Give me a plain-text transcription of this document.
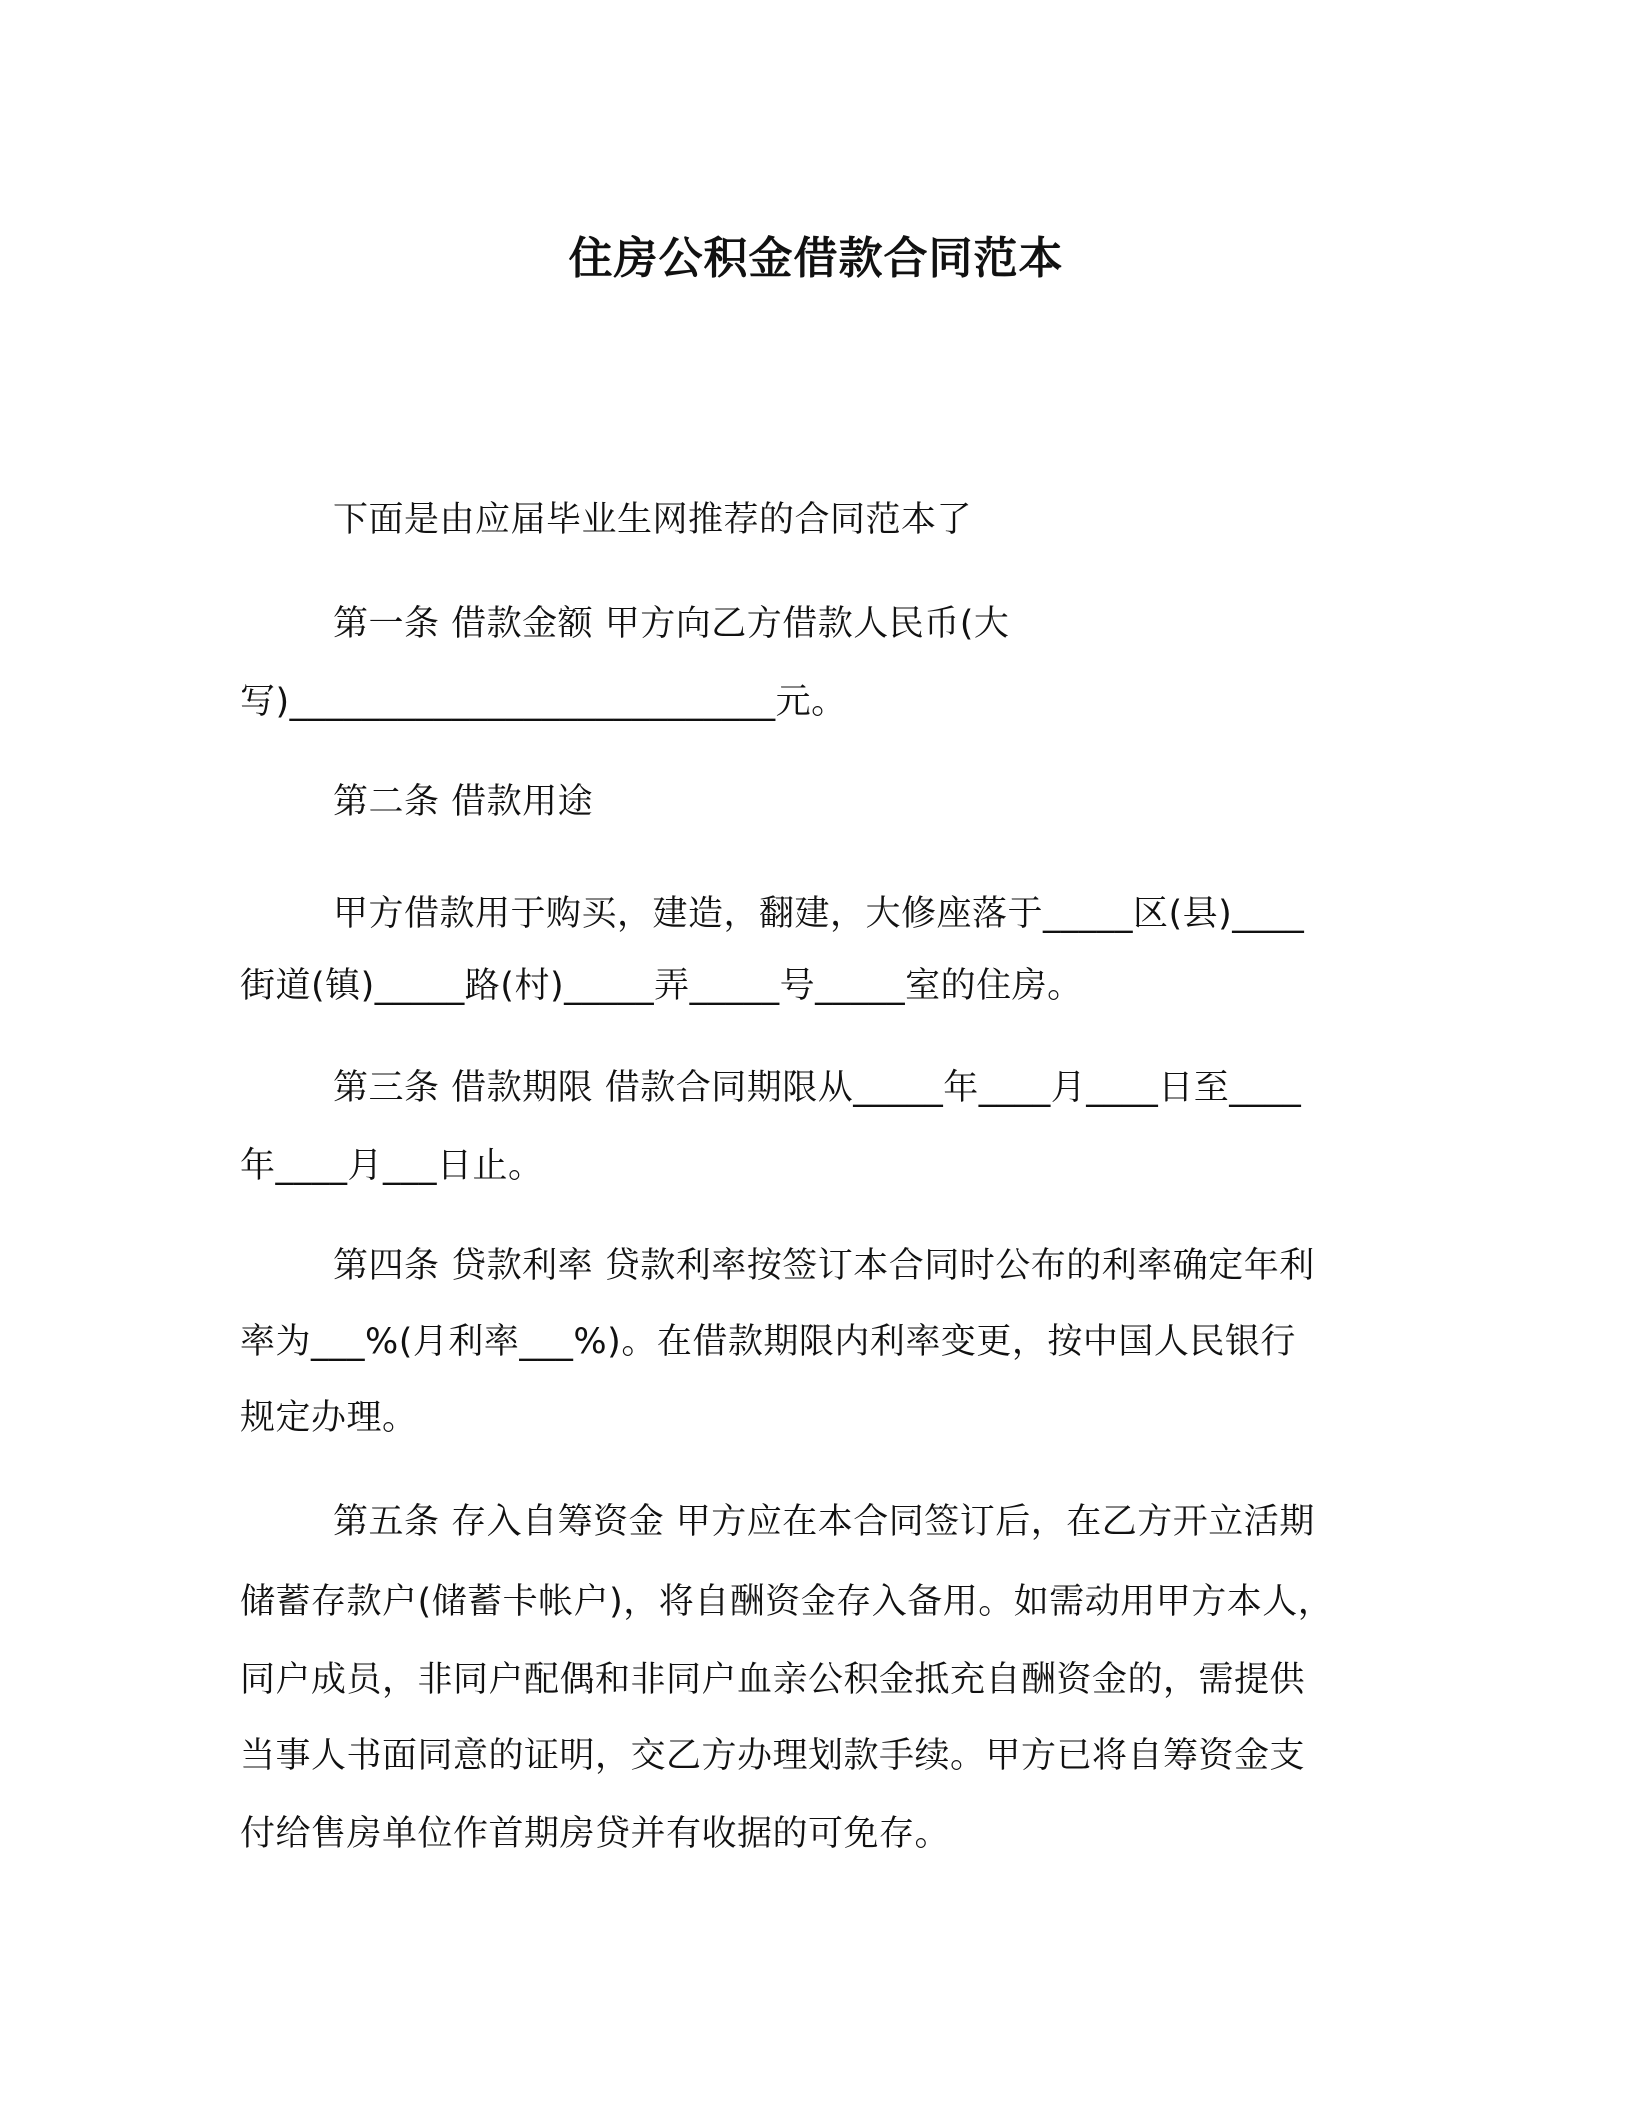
住房公积金借款合同范本

下面是由应届毕业生网推荐的合同范本了

第一条 借款金额 甲方向乙方借款人民币(大

写)___________________________元。

第二条 借款用途

甲方借款用于购买，建造，翻建，大修座落于_____区(县)____

街道(镇)_____路(村)_____弄_____号_____室的住房。

第三条 借款期限 借款合同期限从_____年____月____日至____

年____月___日止。

第四条 贷款利率 贷款利率按签订本合同时公布的利率确定年利

率为___%(月利率___%)。在借款期限内利率变更，按中国人民银行

规定办理。

第五条 存入自筹资金 甲方应在本合同签订后，在乙方开立活期

储蓄存款户(储蓄卡帐户)，将自酬资金存入备用。如需动用甲方本人，

同户成员，非同户配偶和非同户血亲公积金抵充自酬资金的，需提供

当事人书面同意的证明，交乙方办理划款手续。甲方已将自筹资金支

付给售房单位作首期房贷并有收据的可免存。
